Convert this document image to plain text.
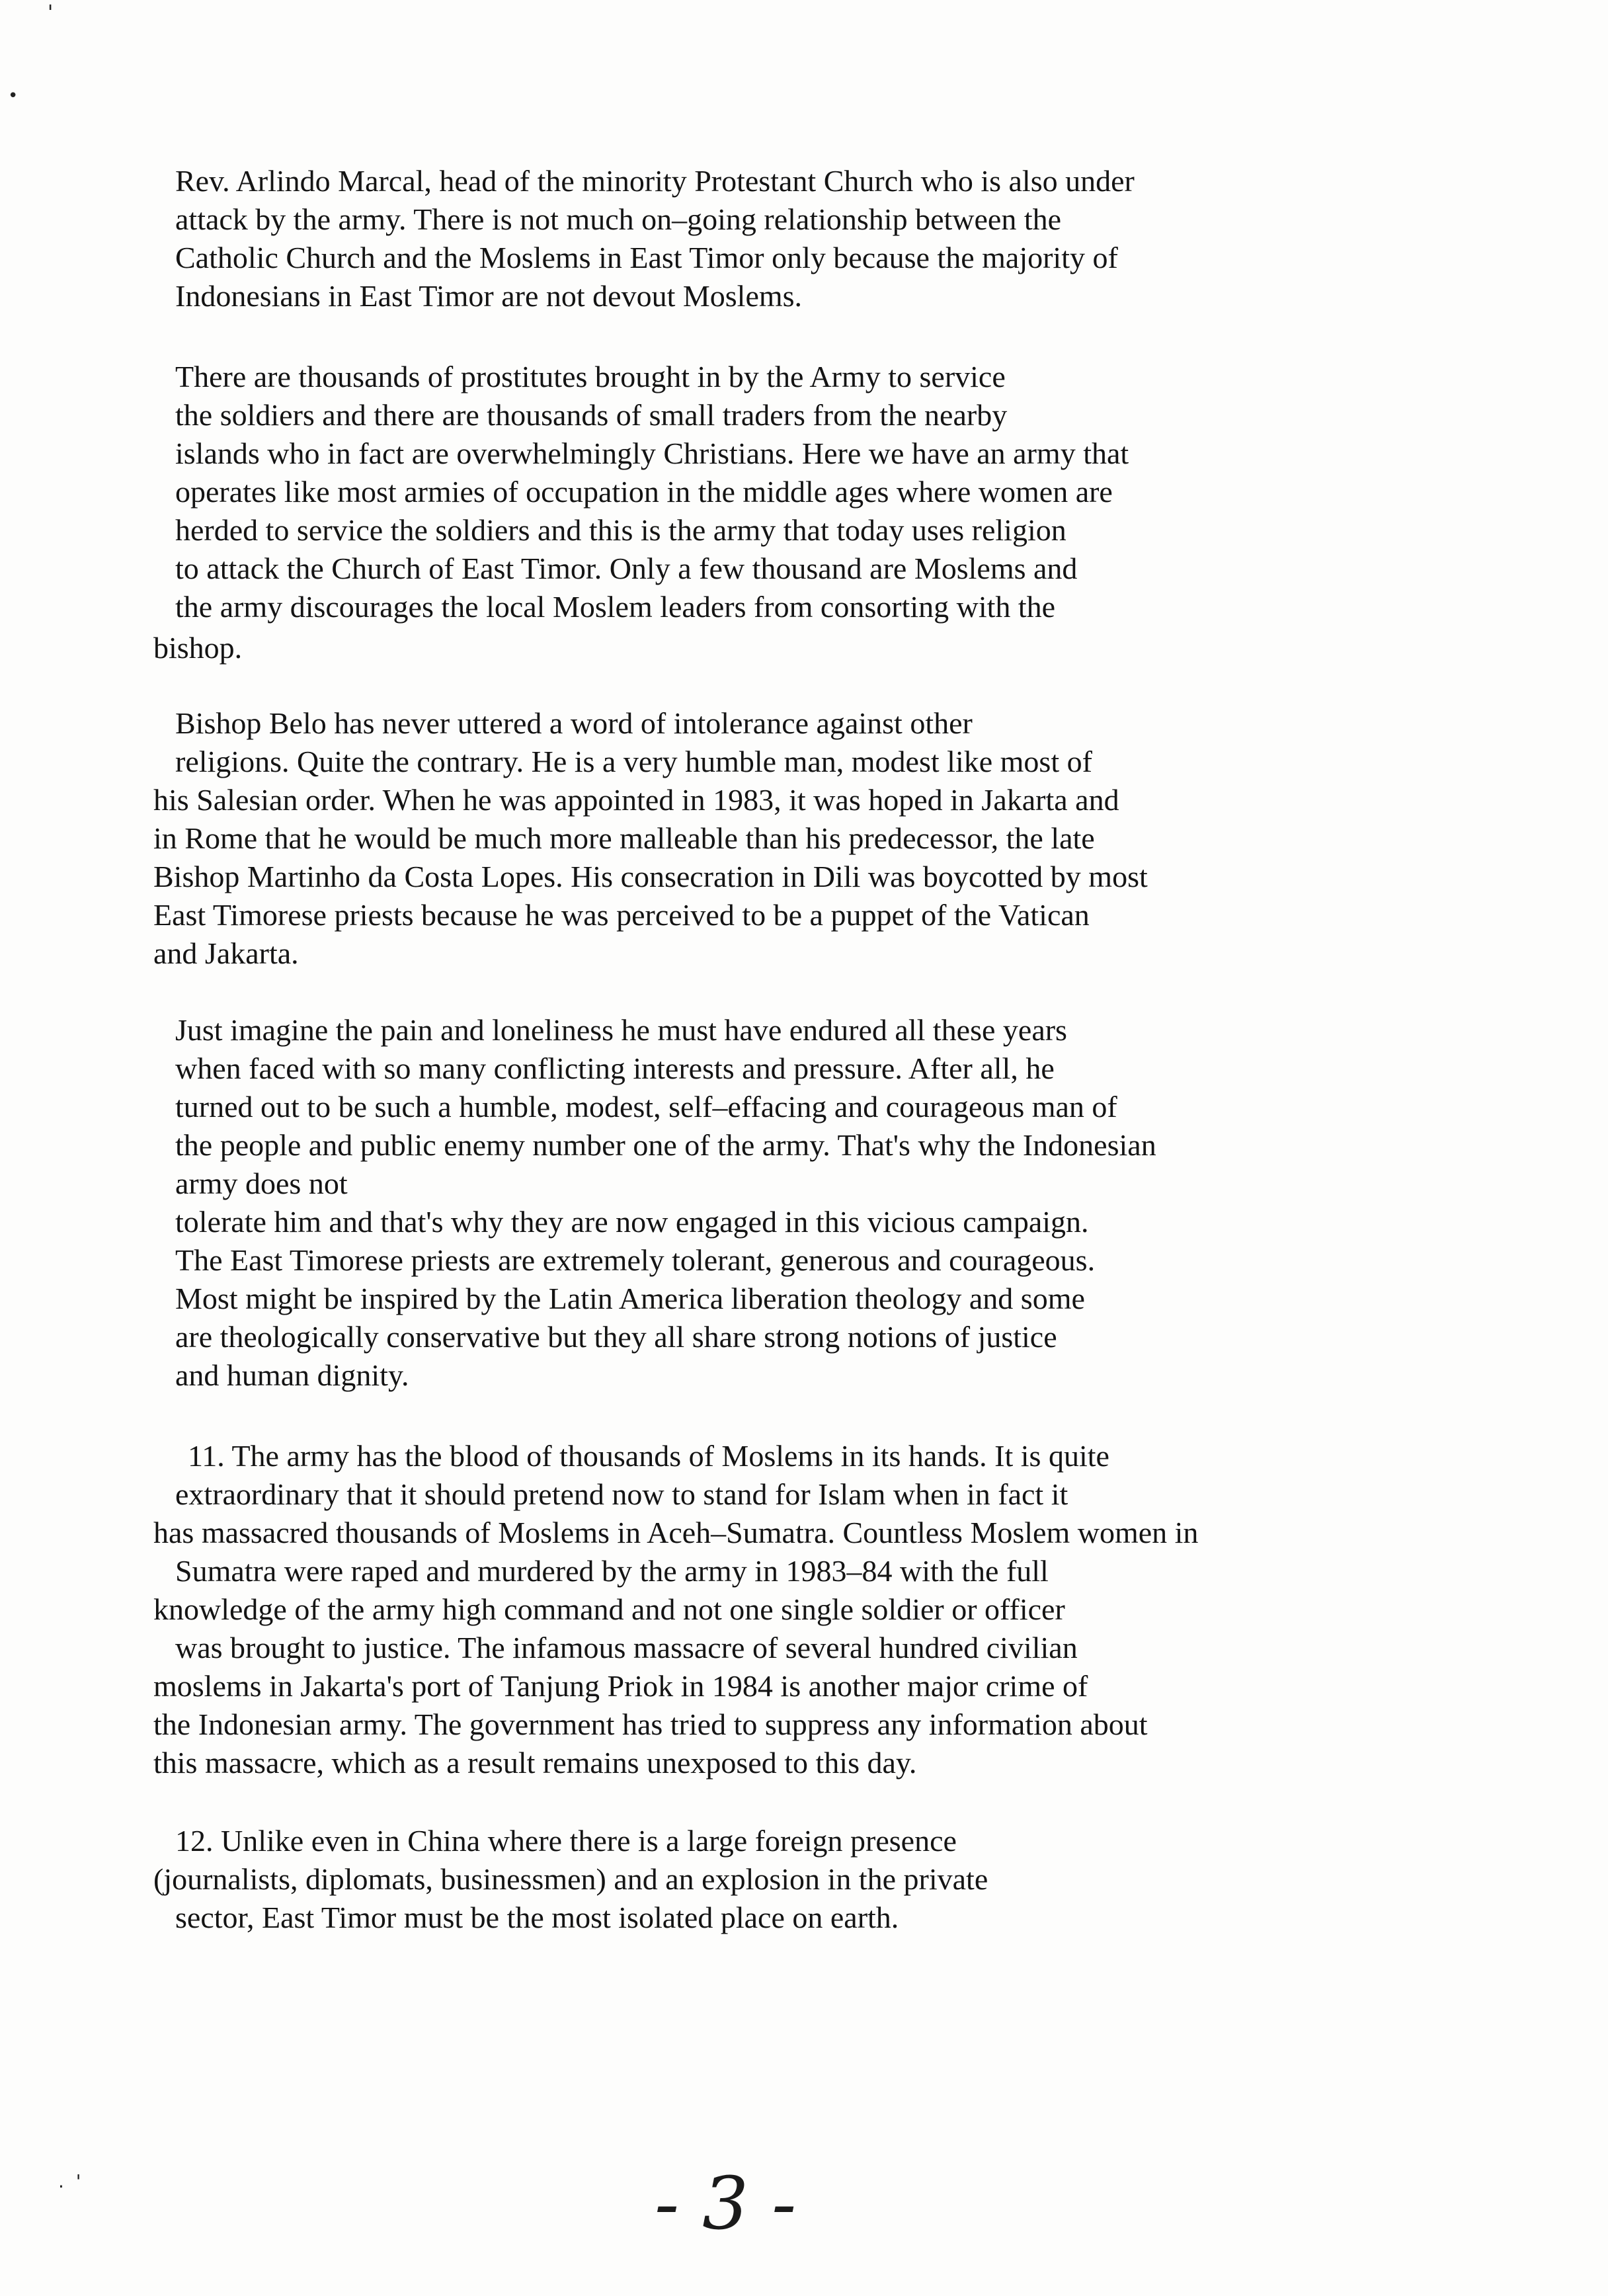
'
•
.  '
Rev. Arlindo Marcal, head of the minority Protestant Church who is also under
attack by the army. There is not much on–going relationship between the
Catholic Church and the Moslems in East Timor only because the majority of
Indonesians in East Timor are not devout Moslems.
There are thousands of prostitutes brought in by the Army to service
the soldiers and there are thousands of small traders from the nearby
islands who in fact are overwhelmingly Christians. Here we have an army that
operates like most armies of occupation in the middle ages where women are
herded to service the soldiers and this is the army that today uses religion
to attack the Church of East Timor. Only a few thousand are Moslems and
the army discourages the local Moslem leaders from consorting with the
bishop.
Bishop Belo has never uttered a word of intolerance against other
religions. Quite the contrary. He is a very humble man, modest like most of
his Salesian order. When he was appointed in 1983, it was hoped in Jakarta and
in Rome that he would be much more malleable than his predecessor, the late
Bishop Martinho da Costa Lopes. His consecration in Dili was boycotted by most
East Timorese priests because he was perceived to be a puppet of the Vatican
and Jakarta.
Just imagine the pain and loneliness he must have endured all these years
when faced with so many conflicting interests and pressure. After all, he
turned out to be such a humble, modest, self–effacing and courageous man of
the people and public enemy number one of the army. That's why the Indonesian
army does not
tolerate him and that's why they are now engaged in this vicious campaign.
The East Timorese priests are extremely tolerant, generous and courageous.
Most might be inspired by the Latin America liberation theology and some
are theologically conservative but they all share strong notions of justice
and human dignity.
11. The army has the blood of thousands of Moslems in its hands. It is quite
extraordinary that it should pretend now to stand for Islam when in fact it
has massacred thousands of Moslems in Aceh–Sumatra. Countless Moslem women in
Sumatra were raped and murdered by the army in 1983–84 with the full
knowledge of the army high command and not one single soldier or officer
was brought to justice. The infamous massacre of several hundred civilian
moslems in Jakarta's port of Tanjung Priok in 1984 is another major crime of
the Indonesian army. The government has tried to suppress any information about
this massacre, which as a result remains unexposed to this day.
12. Unlike even in China where there is a large foreign presence
(journalists, diplomats, businessmen) and an explosion in the private
sector, East Timor must be the most isolated place on earth.
- 3 -
